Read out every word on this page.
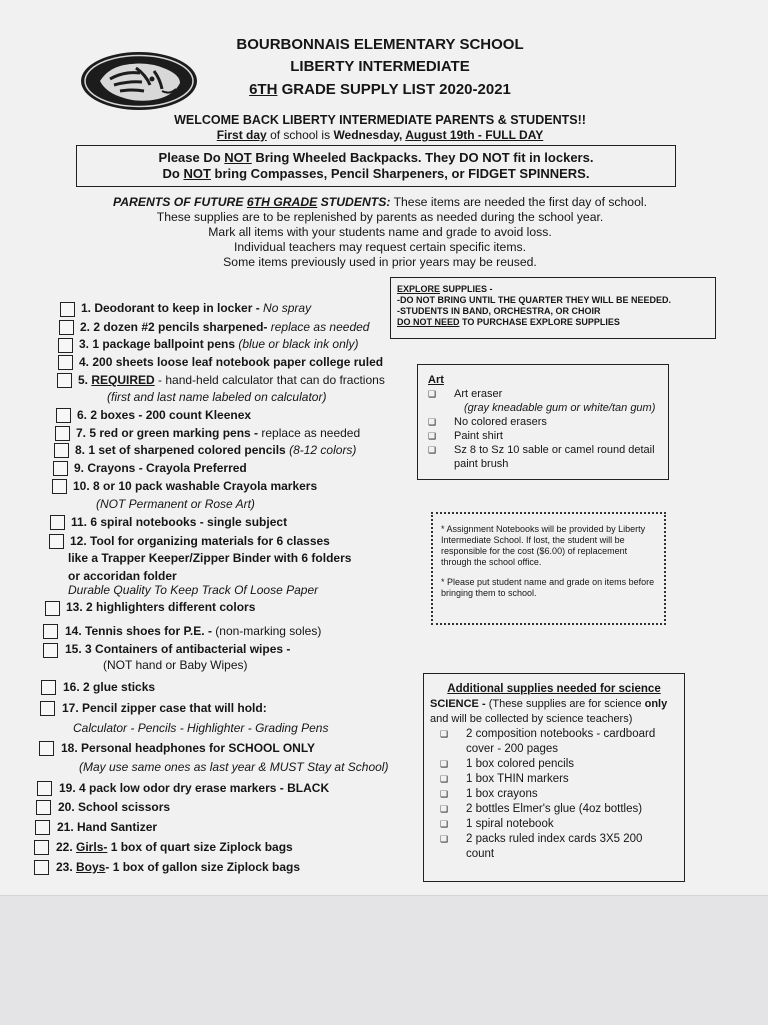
BOURBONNAIS ELEMENTARY SCHOOL
LIBERTY INTERMEDIATE
6TH GRADE SUPPLY LIST 2020-2021
WELCOME BACK LIBERTY INTERMEDIATE PARENTS & STUDENTS!!
First day of school is Wednesday, August 19th - FULL DAY
Please Do NOT Bring Wheeled Backpacks. They DO NOT fit in lockers.
Do NOT bring Compasses, Pencil Sharpeners, or FIDGET SPINNERS.
PARENTS OF FUTURE 6TH GRADE STUDENTS: These items are needed the first day of school.
These supplies are to be replenished by parents as needed during the school year.
Mark all items with your students name and grade to avoid loss.
Individual teachers may request certain specific items.
Some items previously used in prior years may be reused.
1. Deodorant to keep in locker - No spray
2. 2 dozen #2 pencils sharpened- replace as needed
3. 1 package ballpoint pens (blue or black ink only)
4. 200 sheets loose leaf notebook paper college ruled
5. REQUIRED - hand-held calculator that can do fractions
(first and last name labeled on calculator)
6. 2 boxes - 200 count Kleenex
7. 5 red or green marking pens - replace as needed
8. 1 set of sharpened colored pencils (8-12 colors)
9. Crayons - Crayola Preferred
10. 8 or 10 pack washable Crayola markers
(NOT Permanent or Rose Art)
11. 6 spiral notebooks - single subject
12. Tool for organizing materials for 6 classes
like a Trapper Keeper/Zipper Binder with 6 folders
or accoridan folder
Durable Quality To Keep Track Of Loose Paper
13. 2 highlighters different colors
14. Tennis shoes for P.E. - (non-marking soles)
15. 3 Containers of antibacterial wipes -
(NOT hand or Baby Wipes)
16. 2 glue sticks
17. Pencil zipper case that will hold:
Calculator - Pencils - Highlighter - Grading Pens
18. Personal headphones for SCHOOL ONLY
(May use same ones as last year & MUST Stay at School)
19. 4 pack low odor dry erase markers - BLACK
20. School scissors
21. Hand Santizer
22. Girls- 1 box of quart size Ziplock bags
23. Boys- 1 box of gallon size Ziplock bags
EXPLORE SUPPLIES -
-DO NOT BRING UNTIL THE QUARTER THEY WILL BE NEEDED.
-STUDENTS IN BAND, ORCHESTRA, OR CHOIR
DO NOT NEED TO PURCHASE EXPLORE SUPPLIES
Art
❑ Art eraser
(gray kneadable gum or white/tan gum)
❑ No colored erasers
❑ Paint shirt
❑ Sz 8 to Sz 10 sable or camel round detail
paint brush
* Assignment Notebooks will be provided by Liberty Intermediate School. If lost, the student will be responsible for the cost ($6.00) of replacement through the school office.
* Please put student name and grade on items before bringing them to school.
Additional supplies needed for science
SCIENCE - (These supplies are for science only
and will be collected by science teachers)
❑ 2 composition notebooks - cardboard
cover - 200 pages
❑ 1 box colored pencils
❑ 1 box THIN markers
❑ 1 box crayons
❑ 2 bottles Elmer's glue (4oz bottles)
❑ 1 spiral notebook
❑ 2 packs ruled index cards 3X5 200
count
